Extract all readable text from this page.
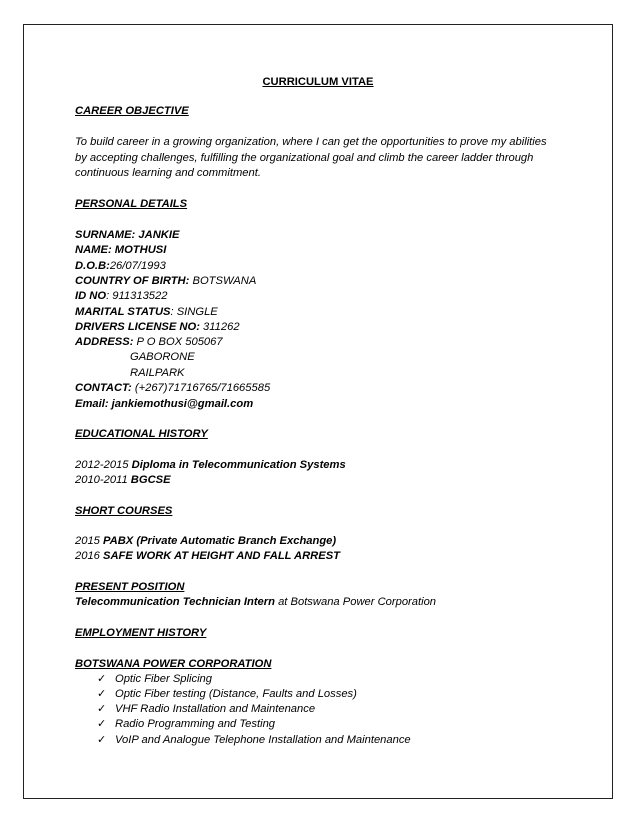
CURRICULUM VITAE
CAREER OBJECTIVE
To build career in a growing organization, where I can get the opportunities to prove my abilities
by accepting challenges, fulfilling the organizational goal and climb the career ladder through
continuous learning and commitment.
PERSONAL DETAILS
SURNAME: JANKIE
NAME: MOTHUSI
D.O.B:26/07/1993
COUNTRY OF BIRTH: BOTSWANA
ID NO: 911313522
MARITAL STATUS: SINGLE
DRIVERS LICENSE NO: 311262
ADDRESS: P O BOX 505067
GABORONE
RAILPARK
CONTACT: (+267)71716765/71665585
Email: jankiemothusi@gmail.com
EDUCATIONAL HISTORY
2012-2015 Diploma in Telecommunication Systems
2010-2011 BGCSE
SHORT COURSES
2015 PABX (Private Automatic Branch Exchange)
2016 SAFE WORK AT HEIGHT AND FALL ARREST
PRESENT POSITION
Telecommunication Technician Intern at Botswana Power Corporation
EMPLOYMENT HISTORY
BOTSWANA POWER CORPORATION
✓ Optic Fiber Splicing
✓ Optic Fiber testing (Distance, Faults and Losses)
✓ VHF Radio Installation and Maintenance
✓ Radio Programming and Testing
✓ VoIP and Analogue Telephone Installation and Maintenance
